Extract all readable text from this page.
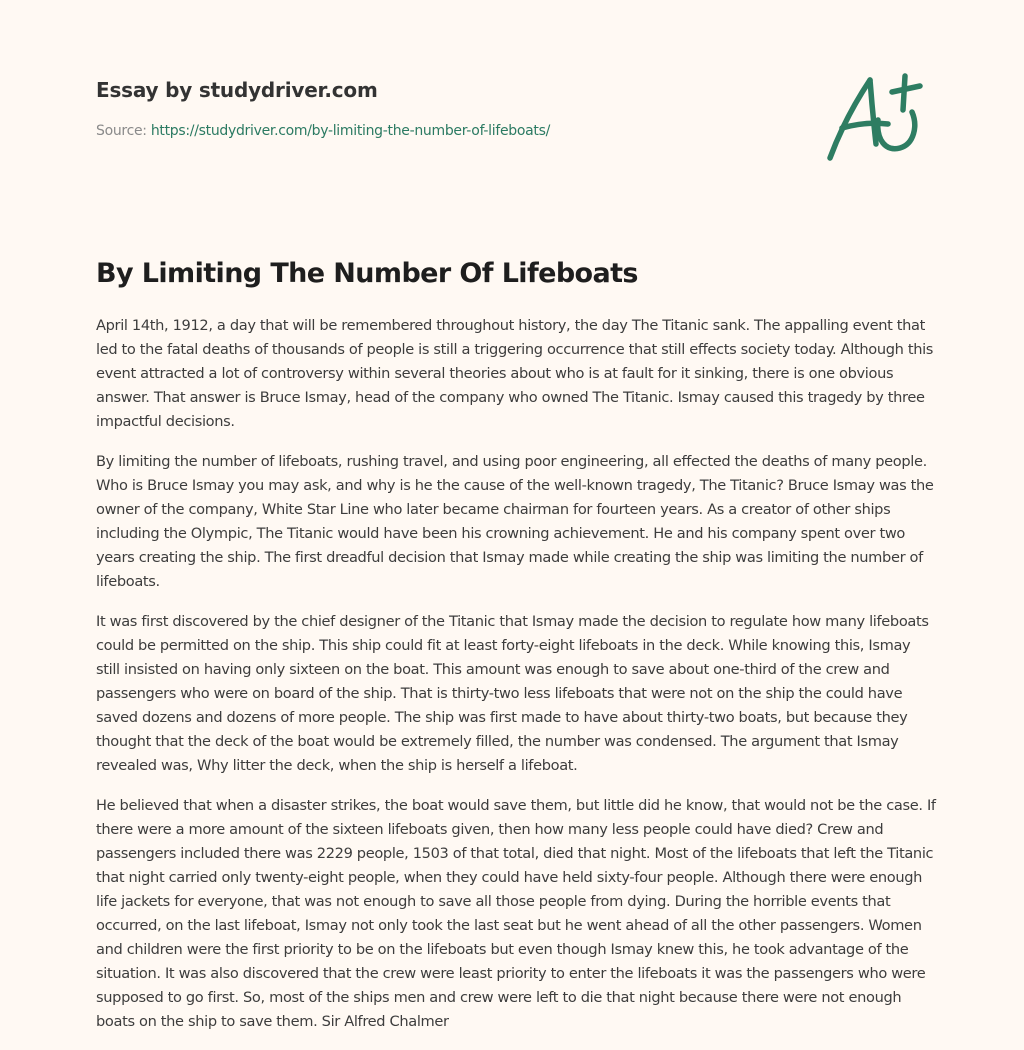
Essay by studydriver.com
Source: https://studydriver.com/by-limiting-the-number-of-lifeboats/
By Limiting The Number Of Lifeboats

April 14th, 1912, a day that will be remembered throughout history, the day The Titanic sank. The appalling event that led to the fatal deaths of thousands of people is still a triggering occurrence that still effects society today. Although this event attracted a lot of controversy within several theories about who is at fault for it sinking, there is one obvious answer. That answer is Bruce Ismay, head of the company who owned The Titanic. Ismay caused this tragedy by three impactful decisions.

By limiting the number of lifeboats, rushing travel, and using poor engineering, all effected the deaths of many people. Who is Bruce Ismay you may ask, and why is he the cause of the well-known tragedy, The Titanic? Bruce Ismay was the owner of the company, White Star Line who later became chairman for fourteen years. As a creator of other ships including the Olympic, The Titanic would have been his crowning achievement. He and his company spent over two years creating the ship. The first dreadful decision that Ismay made while creating the ship was limiting the number of lifeboats.

It was first discovered by the chief designer of the Titanic that Ismay made the decision to regulate how many lifeboats could be permitted on the ship. This ship could fit at least forty-eight lifeboats in the deck. While knowing this, Ismay still insisted on having only sixteen on the boat. This amount was enough to save about one-third of the crew and passengers who were on board of the ship. That is thirty-two less lifeboats that were not on the ship the could have saved dozens and dozens of more people. The ship was first made to have about thirty-two boats, but because they thought that the deck of the boat would be extremely filled, the number was condensed. The argument that Ismay revealed was, Why litter the deck, when the ship is herself a lifeboat.

He believed that when a disaster strikes, the boat would save them, but little did he know, that would not be the case. If there were a more amount of the sixteen lifeboats given, then how many less people could have died? Crew and passengers included there was 2229 people, 1503 of that total, died that night. Most of the lifeboats that left the Titanic that night carried only twenty-eight people, when they could have held sixty-four people. Although there were enough life jackets for everyone, that was not enough to save all those people from dying. During the horrible events that occurred, on the last lifeboat, Ismay not only took the last seat but he went ahead of all the other passengers. Women and children were the first priority to be on the lifeboats but even though Ismay knew this, he took advantage of the situation. It was also discovered that the crew were least priority to enter the lifeboats it was the passengers who were supposed to go first. So, most of the ships men and crew were left to die that night because there were not enough boats on the ship to save them. Sir Alfred Chalmer
